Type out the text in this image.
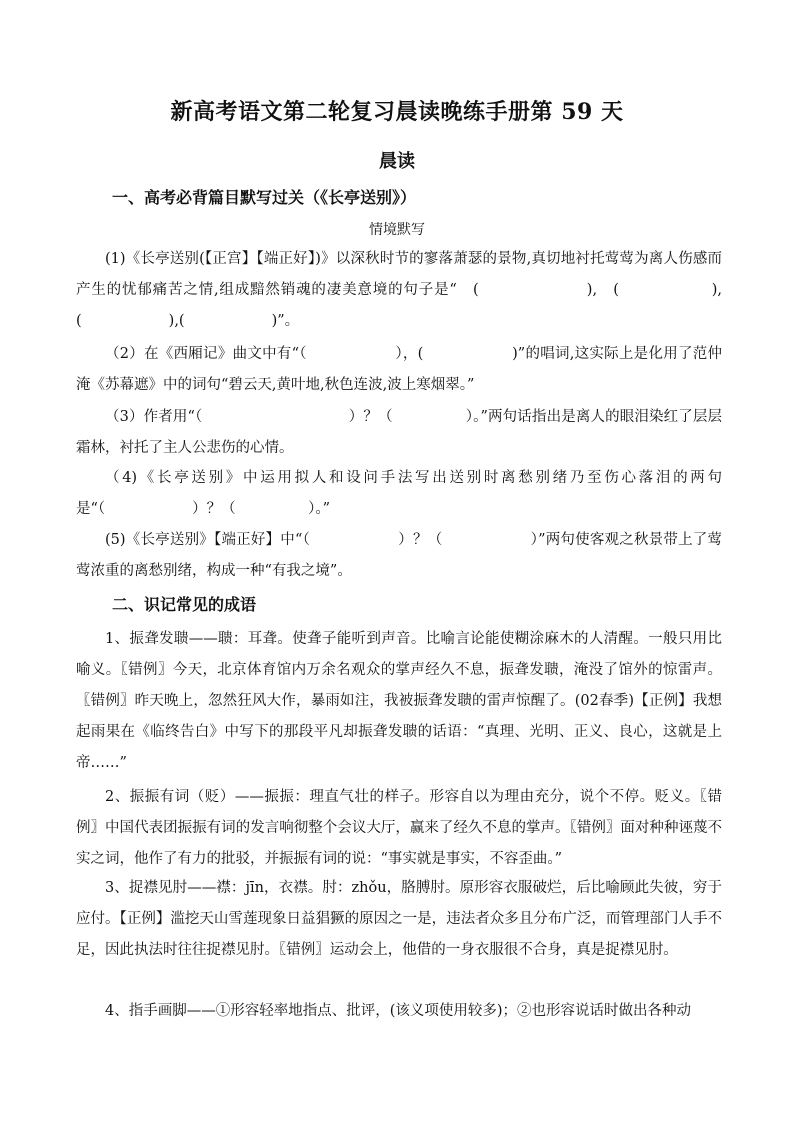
新高考语文第二轮复习晨读晚练手册第 59 天
晨读
一、高考必背篇目默写过关（《长亭送别》）
情境默写
(1)《长亭送别(【正宫】【端正好】)》以深秋时节的寥落萧瑟的景物,真切地衬托莺莺为离人伤感而产生的忧郁痛苦之情,组成黯然销魂的凄美意境的句子是“　(　　　　　　　),　(　　　　　　),(　　　　　　),(　　　　　　)”。
（2）在《西厢记》曲文中有“（　　　　　　），(　　　　　　)”的唱词,这实际上是化用了范仲淹《苏幕遮》中的词句“碧云天,黄叶地,秋色连波,波上寒烟翠。”
（3）作者用“（　　　　　　　　　　）？（　　　　　）。”两句话指出是离人的眼泪染红了层层霜林，衬托了主人公悲伤的心情。
（4)《长亭送别》中运用拟人和设问手法写出送别时离愁别绪乃至伤心落泪的两句是“（　　　　　　）？（　　　　　）。”
(5)《长亭送别》【端正好】中“（　　　　　　）？（　　　　　　）”两句使客观之秋景带上了莺莺浓重的离愁别绪，构成一种“有我之境”。
二、识记常见的成语
1、振聋发聩——聩：耳聋。使聋子能听到声音。比喻言论能使糊涂麻木的人清醒。一般只用比喻义。〖错例〗今天，北京体育馆内万余名观众的掌声经久不息，振聋发聩，淹没了馆外的惊雷声。〖错例〗昨天晚上，忽然狂风大作，暴雨如注，我被振聋发聩的雷声惊醒了。(02春季)【正例】我想起雨果在《临终告白》中写下的那段平凡却振聋发聩的话语：“真理、光明、正义、良心，这就是上帝……”
2、振振有词（贬）——振振：理直气壮的样子。形容自以为理由充分，说个不停。贬义。〖错例〗中国代表团振振有词的发言响彻整个会议大厅，赢来了经久不息的掌声。〖错例〗面对种种诬蔑不实之词，他作了有力的批驳，并振振有词的说：“事实就是事实，不容歪曲。”
3、捉襟见肘——襟：jīn，衣襟。肘：zhǒu，胳膊肘。原形容衣服破烂，后比喻顾此失彼，穷于应付。【正例】滥挖天山雪莲现象日益猖獗的原因之一是，违法者众多且分布广泛，而管理部门人手不足，因此执法时往往捉襟见肘。〖错例〗运动会上，他借的一身衣服很不合身，真是捉襟见肘。
4、指手画脚——①形容轻率地指点、批评，(该义项使用较多)；②也形容说话时做出各种动
